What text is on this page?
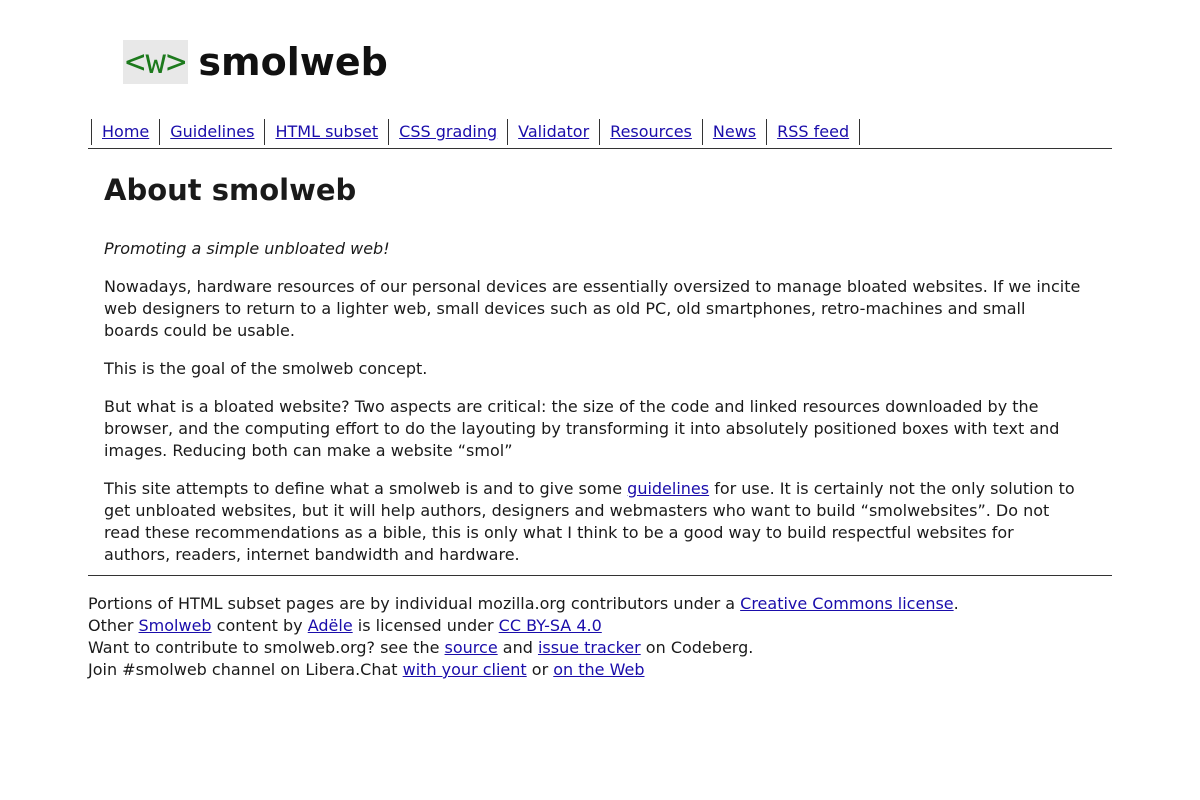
<w> smolweb
Home	Guidelines	HTML subset	CSS grading	Validator	Resources	News	RSS feed
About smolweb

Promoting a simple unbloated web!

Nowadays, hardware resources of our personal devices are essentially oversized to manage bloated websites. If we incite web designers to return to a lighter web, small devices such as old PC, old smartphones, retro-machines and small boards could be usable.

This is the goal of the smolweb concept.

But what is a bloated website? Two aspects are critical: the size of the code and linked resources downloaded by the browser, and the computing effort to do the layouting by transforming it into absolutely positioned boxes with text and images. Reducing both can make a website “smol”

This site attempts to define what a smolweb is and to give some guidelines for use. It is certainly not the only solution to get unbloated websites, but it will help authors, designers and webmasters who want to build “smolwebsites”. Do not read these recommendations as a bible, this is only what I think to be a good way to build respectful websites for authors, readers, internet bandwidth and hardware.

Portions of HTML subset pages are by individual mozilla.org contributors under a Creative Commons license.

Other Smolweb content by Adële is licensed under CC BY-SA 4.0

Want to contribute to smolweb.org? see the source and issue tracker on Codeberg.

Join #smolweb channel on Libera.Chat with your client or on the Web
